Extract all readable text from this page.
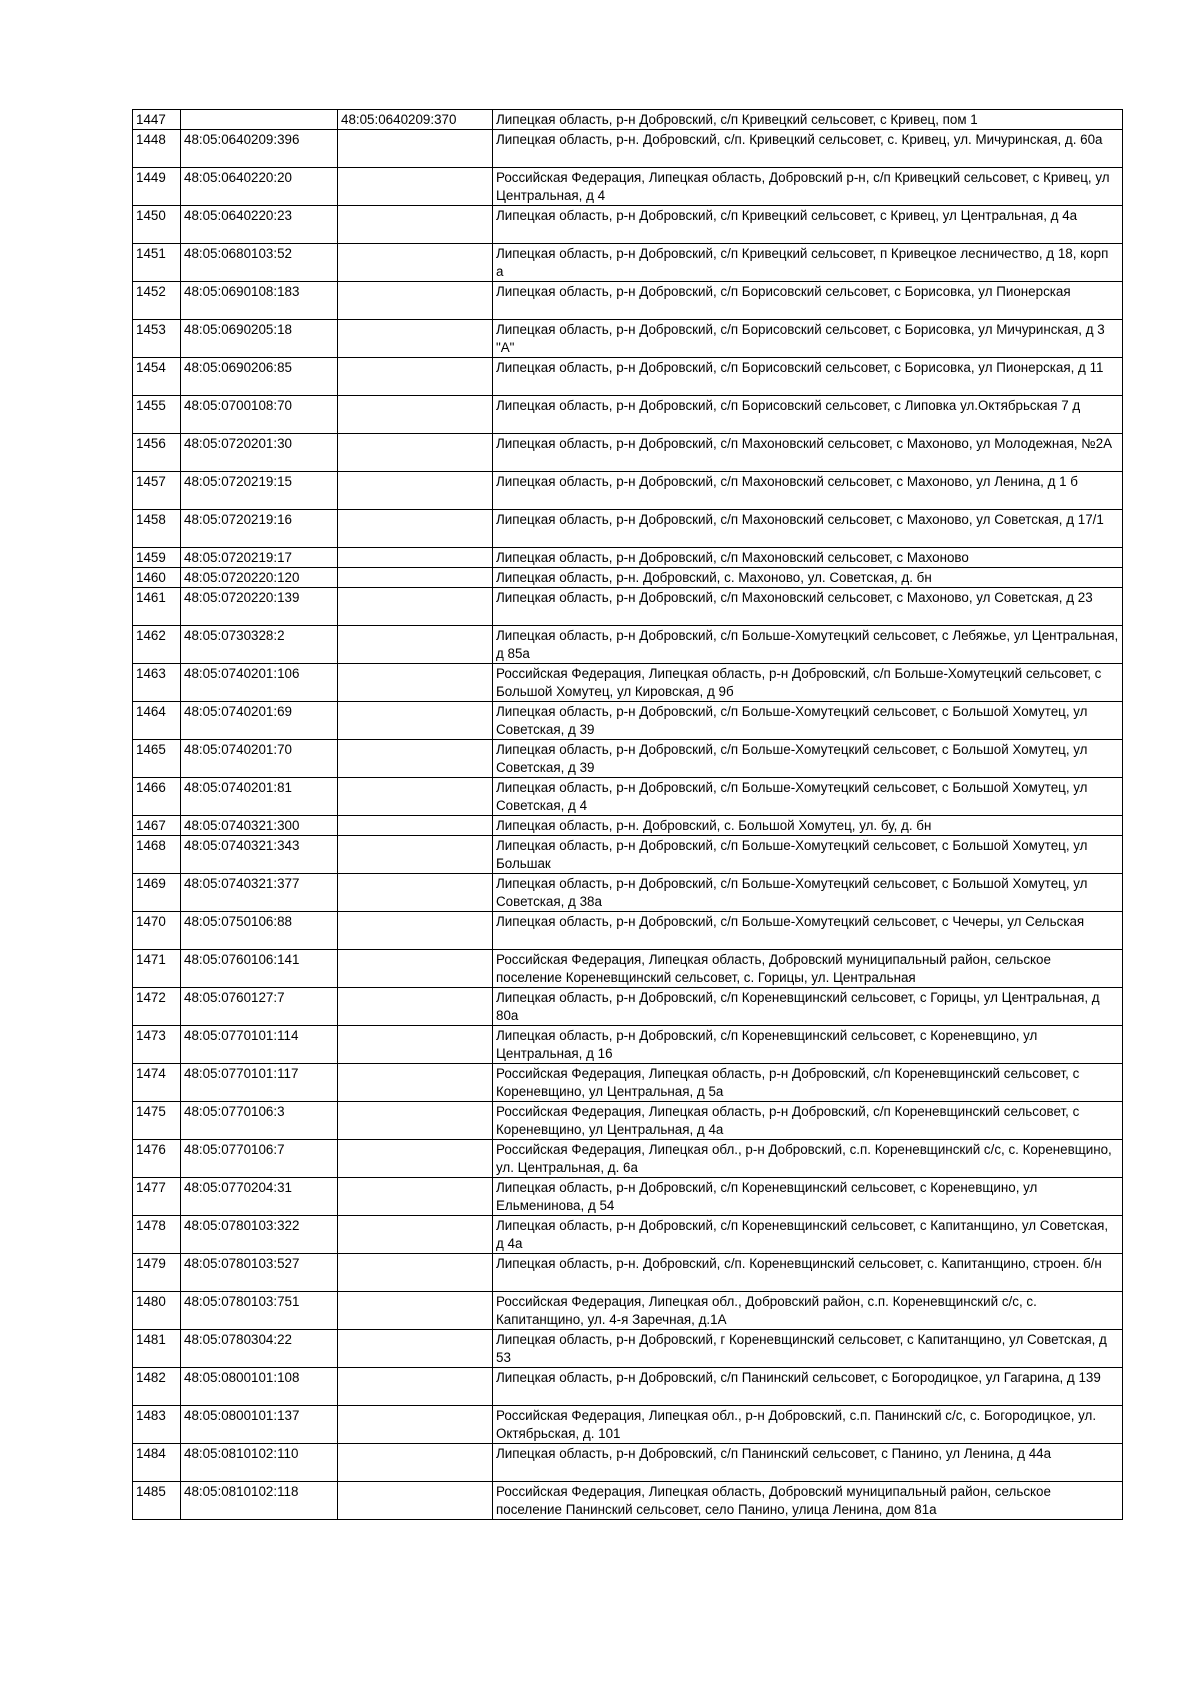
1447		48:05:0640209:370	Липецкая область, р-н Добровский, с/п Кривецкий сельсовет, с Кривец, пом 1
1448	48:05:0640209:396		Липецкая область, р-н. Добровский, с/п. Кривецкий сельсовет, с. Кривец, ул. Мичуринская, д. 60а
1449	48:05:0640220:20		Российская Федерация, Липецкая область, Добровский р-н, с/п Кривецкий сельсовет, с Кривец, ул Центральная, д 4
1450	48:05:0640220:23		Липецкая область, р-н Добровский, с/п Кривецкий сельсовет, с Кривец, ул Центральная, д 4а
1451	48:05:0680103:52		Липецкая область, р-н Добровский, с/п Кривецкий сельсовет, п Кривецкое лесничество, д 18, корп а
1452	48:05:0690108:183		Липецкая область, р-н Добровский, с/п Борисовский сельсовет, с Борисовка, ул Пионерская
1453	48:05:0690205:18		Липецкая область, р-н Добровский, с/п Борисовский сельсовет, с Борисовка, ул Мичуринская, д 3 "А"
1454	48:05:0690206:85		Липецкая область, р-н Добровский, с/п Борисовский сельсовет, с Борисовка, ул Пионерская, д 11
1455	48:05:0700108:70		Липецкая область, р-н Добровский, с/п Борисовский сельсовет, с Липовка ул.Октябрьская 7 д
1456	48:05:0720201:30		Липецкая область, р-н Добровский, с/п Махоновский сельсовет, с Махоново, ул Молодежная, №2А
1457	48:05:0720219:15		Липецкая область, р-н Добровский, с/п Махоновский сельсовет, с Махоново, ул Ленина, д 1 б
1458	48:05:0720219:16		Липецкая область, р-н Добровский, с/п Махоновский сельсовет, с Махоново, ул Советская, д 17/1
1459	48:05:0720219:17		Липецкая область, р-н Добровский, с/п Махоновский сельсовет, с Махоново
1460	48:05:0720220:120		Липецкая область, р-н. Добровский, с. Махоново, ул. Советская, д. бн
1461	48:05:0720220:139		Липецкая область, р-н Добровский, с/п Махоновский сельсовет, с Махоново, ул Советская, д 23
1462	48:05:0730328:2		Липецкая область, р-н Добровский, с/п Больше-Хомутецкий сельсовет, с Лебяжье, ул Центральная, д 85а
1463	48:05:0740201:106		Российская Федерация, Липецкая область, р-н Добровский, с/п Больше-Хомутецкий сельсовет, с Большой Хомутец, ул Кировская, д 9б
1464	48:05:0740201:69		Липецкая область, р-н Добровский, с/п Больше-Хомутецкий сельсовет, с Большой Хомутец, ул Советская, д 39
1465	48:05:0740201:70		Липецкая область, р-н Добровский, с/п Больше-Хомутецкий сельсовет, с Большой Хомутец, ул Советская, д 39
1466	48:05:0740201:81		Липецкая область, р-н Добровский, с/п Больше-Хомутецкий сельсовет, с Большой Хомутец, ул Советская, д 4
1467	48:05:0740321:300		Липецкая область, р-н. Добровский, с. Большой Хомутец, ул. бу, д. бн
1468	48:05:0740321:343		Липецкая область, р-н Добровский, с/п Больше-Хомутецкий сельсовет, с Большой Хомутец, ул Большак
1469	48:05:0740321:377		Липецкая область, р-н Добровский, с/п Больше-Хомутецкий сельсовет, с Большой Хомутец, ул Советская, д 38а
1470	48:05:0750106:88		Липецкая область, р-н Добровский, с/п Больше-Хомутецкий сельсовет, с Чечеры, ул Сельская
1471	48:05:0760106:141		Российская Федерация, Липецкая область, Добровский муниципальный район, сельское поселение Кореневщинский сельсовет, с. Горицы, ул. Центральная
1472	48:05:0760127:7		Липецкая область, р-н Добровский, с/п Кореневщинский сельсовет, с Горицы, ул Центральная, д 80а
1473	48:05:0770101:114		Липецкая область, р-н Добровский, с/п Кореневщинский сельсовет, с Кореневщино, ул Центральная, д 16
1474	48:05:0770101:117		Российская Федерация, Липецкая область, р-н Добровский, с/п Кореневщинский сельсовет, с Кореневщино, ул Центральная, д 5а
1475	48:05:0770106:3		Российская Федерация, Липецкая область, р-н Добровский, с/п Кореневщинский сельсовет, с Кореневщино, ул Центральная, д 4а
1476	48:05:0770106:7		Российская Федерация, Липецкая обл., р-н Добровский, с.п. Кореневщинский с/с, с. Кореневщино, ул. Центральная, д. 6а
1477	48:05:0770204:31		Липецкая область, р-н Добровский, с/п Кореневщинский сельсовет, с Кореневщино, ул Ельменинова, д 54
1478	48:05:0780103:322		Липецкая область, р-н Добровский, с/п Кореневщинский сельсовет, с Капитанщино, ул Советская, д 4а
1479	48:05:0780103:527		Липецкая область, р-н. Добровский, с/п. Кореневщинский сельсовет, с. Капитанщино, строен. б/н
1480	48:05:0780103:751		Российская Федерация, Липецкая обл., Добровский район, с.п. Кореневщинский с/с, с. Капитанщино, ул. 4-я Заречная, д.1А
1481	48:05:0780304:22		Липецкая область, р-н Добровский, г Кореневщинский сельсовет, с Капитанщино, ул Советская, д 53
1482	48:05:0800101:108		Липецкая область, р-н Добровский, с/п Панинский сельсовет, с Богородицкое, ул Гагарина, д 139
1483	48:05:0800101:137		Российская Федерация, Липецкая обл., р-н Добровский, с.п. Панинский с/с, с. Богородицкое, ул. Октябрьская, д. 101
1484	48:05:0810102:110		Липецкая область, р-н Добровский, с/п Панинский сельсовет, с Панино, ул Ленина, д 44а
1485	48:05:0810102:118		Российская Федерация, Липецкая область, Добровский муниципальный район, сельское поселение Панинский сельсовет, село Панино, улица Ленина, дом 81а
